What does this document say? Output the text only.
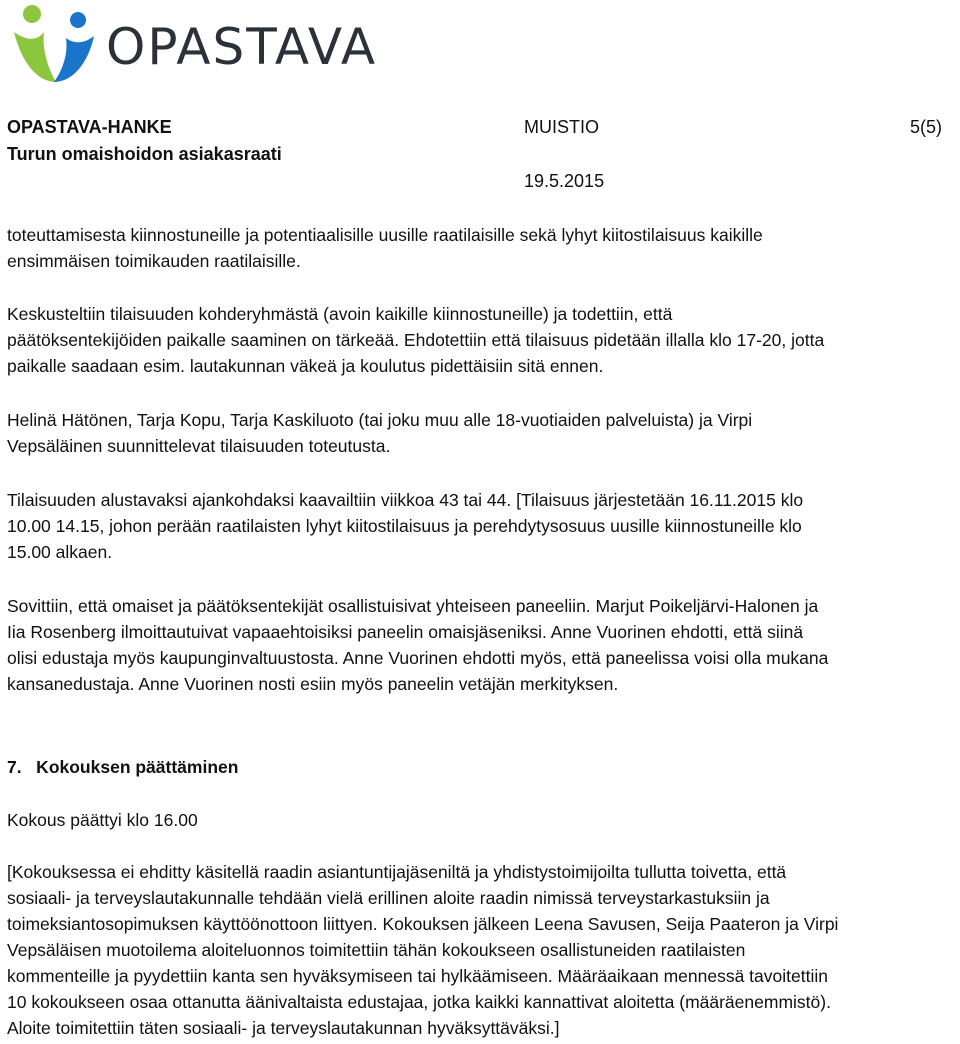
OPASTAVA
OPASTAVA-HANKE
Turun omaishoidon asiakasraati
MUISTIO
19.5.2015
5(5)
toteuttamisesta kiinnostuneille ja potentiaalisille uusille raatilaisille sekä lyhyt kiitostilaisuus kaikille
ensimmäisen toimikauden raatilaisille.
Keskusteltiin tilaisuuden kohderyhmästä (avoin kaikille kiinnostuneille) ja todettiin, että
päätöksentekijöiden paikalle saaminen on tärkeää. Ehdotettiin että tilaisuus pidetään illalla klo 17-20, jotta
paikalle saadaan esim. lautakunnan väkeä ja koulutus pidettäisiin sitä ennen.
Helinä Hätönen, Tarja Kopu, Tarja Kaskiluoto (tai joku muu alle 18-vuotiaiden palveluista) ja Virpi
Vepsäläinen suunnittelevat tilaisuuden toteutusta.
Tilaisuuden alustavaksi ajankohdaksi kaavailtiin viikkoa 43 tai 44. [Tilaisuus järjestetään 16.11.2015 klo
10.00 14.15, johon perään raatilaisten lyhyt kiitostilaisuus ja perehdytysosuus uusille kiinnostuneille klo
15.00 alkaen.
Sovittiin, että omaiset ja päätöksentekijät osallistuisivat yhteiseen paneeliin. Marjut Poikeljärvi-Halonen ja
Iia Rosenberg ilmoittautuivat vapaaehtoisiksi paneelin omaisjäseniksi. Anne Vuorinen ehdotti, että siinä
olisi edustaja myös kaupunginvaltuustosta. Anne Vuorinen ehdotti myös, että paneelissa voisi olla mukana
kansanedustaja. Anne Vuorinen nosti esiin myös paneelin vetäjän merkityksen.
7.   Kokouksen päättäminen
Kokous päättyi klo 16.00
[Kokouksessa ei ehditty käsitellä raadin asiantuntijajäseniltä ja yhdistystoimijoilta tullutta toivetta, että
sosiaali- ja terveyslautakunnalle tehdään vielä erillinen aloite raadin nimissä terveystarkastuksiin ja
toimeksiantosopimuksen käyttöönottoon liittyen. Kokouksen jälkeen Leena Savusen, Seija Paateron ja Virpi
Vepsäläisen muotoilema aloiteluonnos toimitettiin tähän kokoukseen osallistuneiden raatilaisten
kommenteille ja pyydettiin kanta sen hyväksymiseen tai hylkäämiseen. Määräaikaan mennessä tavoitettiin
10 kokoukseen osaa ottanutta äänivaltaista edustajaa, jotka kaikki kannattivat aloitetta (määräenemmistö).
Aloite toimitettiin täten sosiaali- ja terveyslautakunnan hyväksyttäväksi.]
